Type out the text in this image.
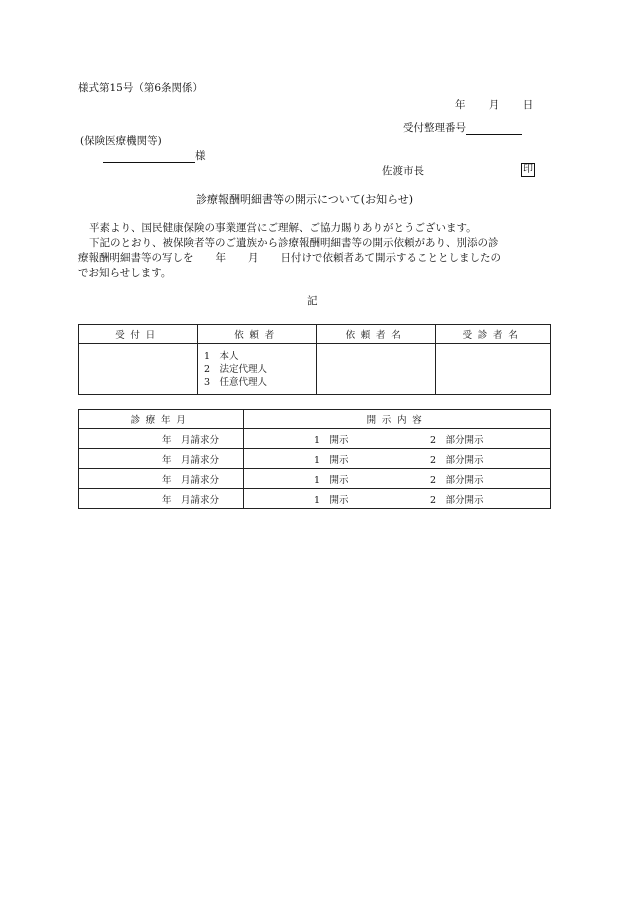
様式第15号（第6条関係）
年 月 日
受付整理番号
(保険医療機関等)
様
佐渡市長	印
診療報酬明細書等の開示について(お知らせ)
平素より、国民健康保険の事業運営にご理解、ご協力賜りありがとうございます。
下記のとおり、被保険者等のご遺族から診療報酬明細書等の開示依頼があり、別添の診
療報酬明細書等の写しを 年 月 日付けで依頼者あて開示することとしましたの
でお知らせします。
記
受付日	依頼者	依頼者名	受診者名

	1　本人
2　法定代理人
3　任意代理人		

診療年月	開示内容	
年　月請求分	1　開示	2　部分開示
年　月請求分	1　開示	2　部分開示
年　月請求分	1　開示	2　部分開示
年　月請求分	1　開示	2　部分開示
